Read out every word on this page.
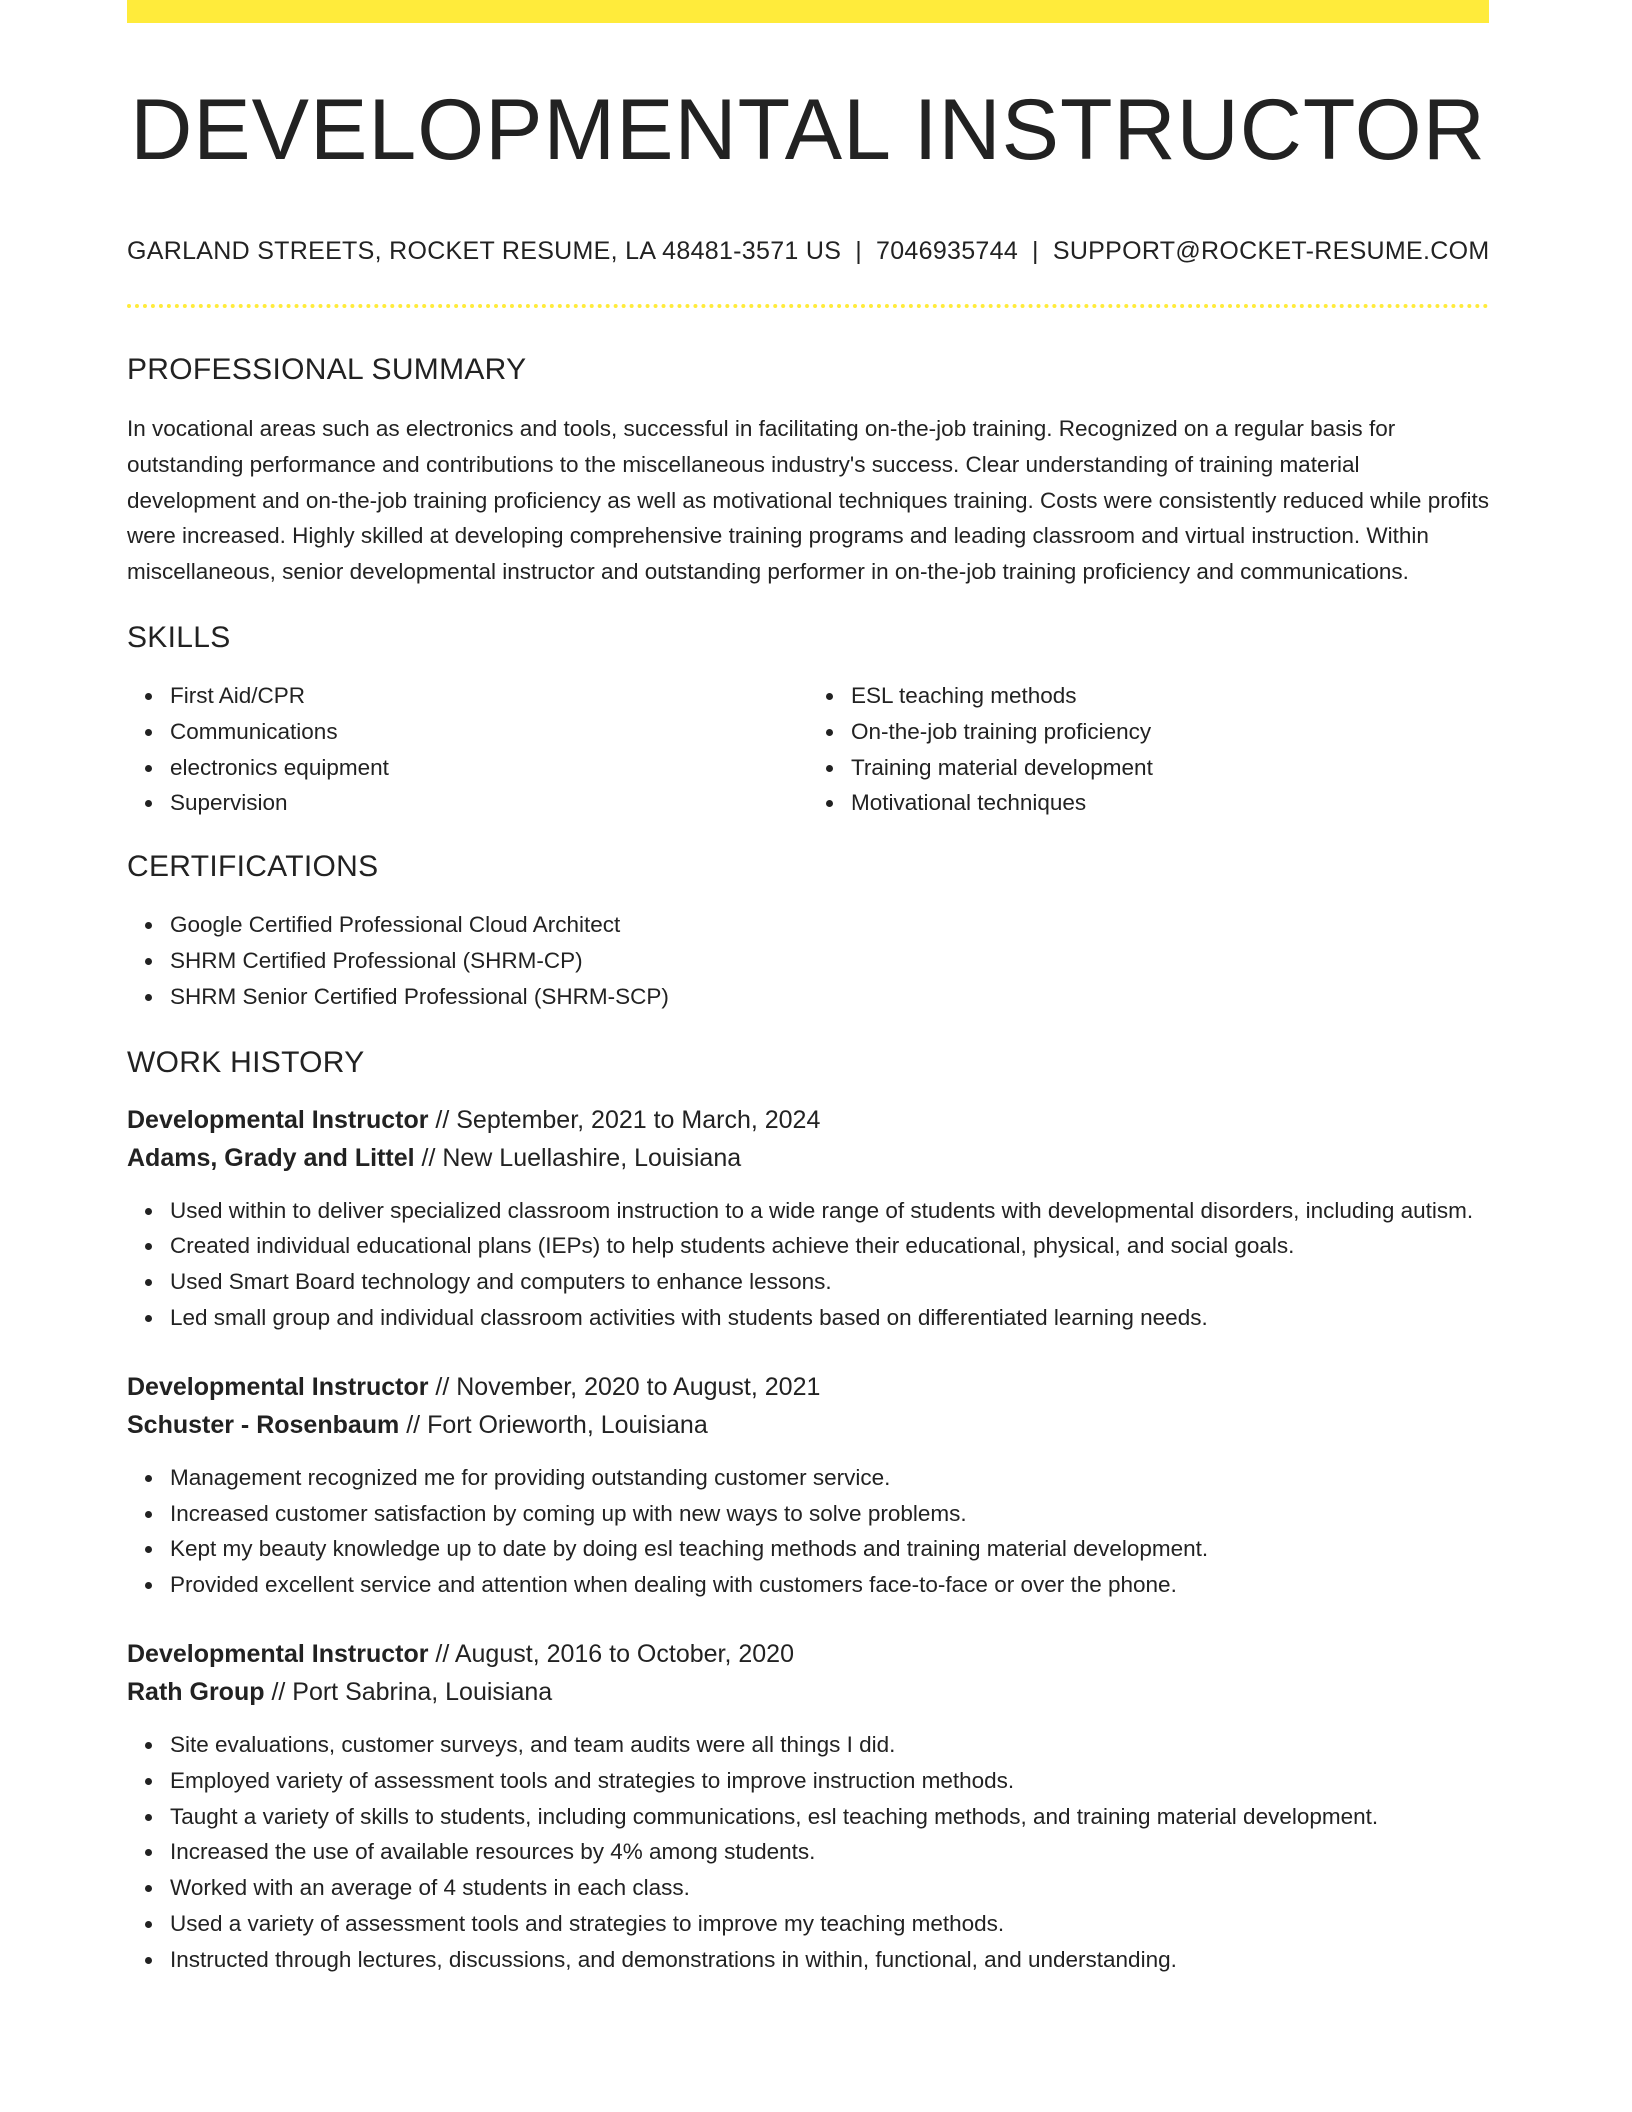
DEVELOPMENTAL INSTRUCTOR
GARLAND STREETS, ROCKET RESUME, LA 48481-3571 US | 7046935744 | SUPPORT@ROCKET-RESUME.COM
PROFESSIONAL SUMMARY
In vocational areas such as electronics and tools, successful in facilitating on-the-job training. Recognized on a regular basis for outstanding performance and contributions to the miscellaneous industry's success. Clear understanding of training material development and on-the-job training proficiency as well as motivational techniques training. Costs were consistently reduced while profits were increased. Highly skilled at developing comprehensive training programs and leading classroom and virtual instruction. Within miscellaneous, senior developmental instructor and outstanding performer in on-the-job training proficiency and communications.
SKILLS
First Aid/CPR
Communications
electronics equipment
Supervision
ESL teaching methods
On-the-job training proficiency
Training material development
Motivational techniques
CERTIFICATIONS
Google Certified Professional Cloud Architect
SHRM Certified Professional (SHRM-CP)
SHRM Senior Certified Professional (SHRM-SCP)
WORK HISTORY
Developmental Instructor // September, 2021 to March, 2024
Adams, Grady and Littel // New Luellashire, Louisiana
Used within to deliver specialized classroom instruction to a wide range of students with developmental disorders, including autism.
Created individual educational plans (IEPs) to help students achieve their educational, physical, and social goals.
Used Smart Board technology and computers to enhance lessons.
Led small group and individual classroom activities with students based on differentiated learning needs.
Developmental Instructor // November, 2020 to August, 2021
Schuster - Rosenbaum // Fort Orieworth, Louisiana
Management recognized me for providing outstanding customer service.
Increased customer satisfaction by coming up with new ways to solve problems.
Kept my beauty knowledge up to date by doing esl teaching methods and training material development.
Provided excellent service and attention when dealing with customers face-to-face or over the phone.
Developmental Instructor // August, 2016 to October, 2020
Rath Group // Port Sabrina, Louisiana
Site evaluations, customer surveys, and team audits were all things I did.
Employed variety of assessment tools and strategies to improve instruction methods.
Taught a variety of skills to students, including communications, esl teaching methods, and training material development.
Increased the use of available resources by 4% among students.
Worked with an average of 4 students in each class.
Used a variety of assessment tools and strategies to improve my teaching methods.
Instructed through lectures, discussions, and demonstrations in within, functional, and understanding.
